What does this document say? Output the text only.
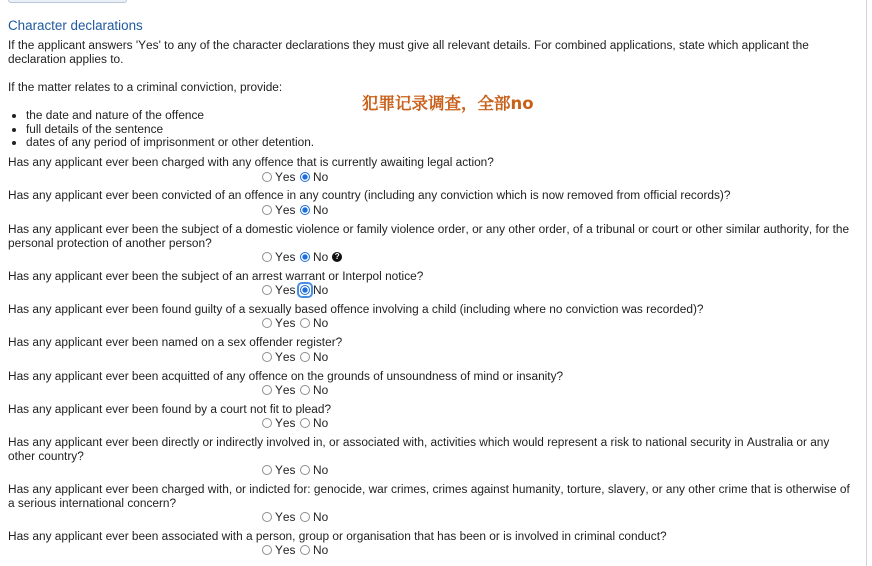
Character declarations
If the applicant answers 'Yes' to any of the character declarations they must give all relevant details. For combined applications, state which applicant the declaration applies to.
If the matter relates to a criminal conviction, provide:
犯罪记录调查，全部no
• the date and nature of the offence
• full details of the sentence
• dates of any period of imprisonment or other detention.
Has any applicant ever been charged with any offence that is currently awaiting legal action?
Yes No
Has any applicant ever been convicted of an offence in any country (including any conviction which is now removed from official records)?
Yes No
Has any applicant ever been the subject of a domestic violence or family violence order, or any other order, of a tribunal or court or other similar authority, for the personal protection of another person?
Yes No
?
Has any applicant ever been the subject of an arrest warrant or Interpol notice?
Yes No
Has any applicant ever been found guilty of a sexually based offence involving a child (including where no conviction was recorded)?
Yes No
Has any applicant ever been named on a sex offender register?
Yes No
Has any applicant ever been acquitted of any offence on the grounds of unsoundness of mind or insanity?
Yes No
Has any applicant ever been found by a court not fit to plead?
Yes No
Has any applicant ever been directly or indirectly involved in, or associated with, activities which would represent a risk to national security in Australia or any other country?
Yes No
Has any applicant ever been charged with, or indicted for: genocide, war crimes, crimes against humanity, torture, slavery, or any other crime that is otherwise of a serious international concern?
Yes No
Has any applicant ever been associated with a person, group or organisation that has been or is involved in criminal conduct?
Yes No
